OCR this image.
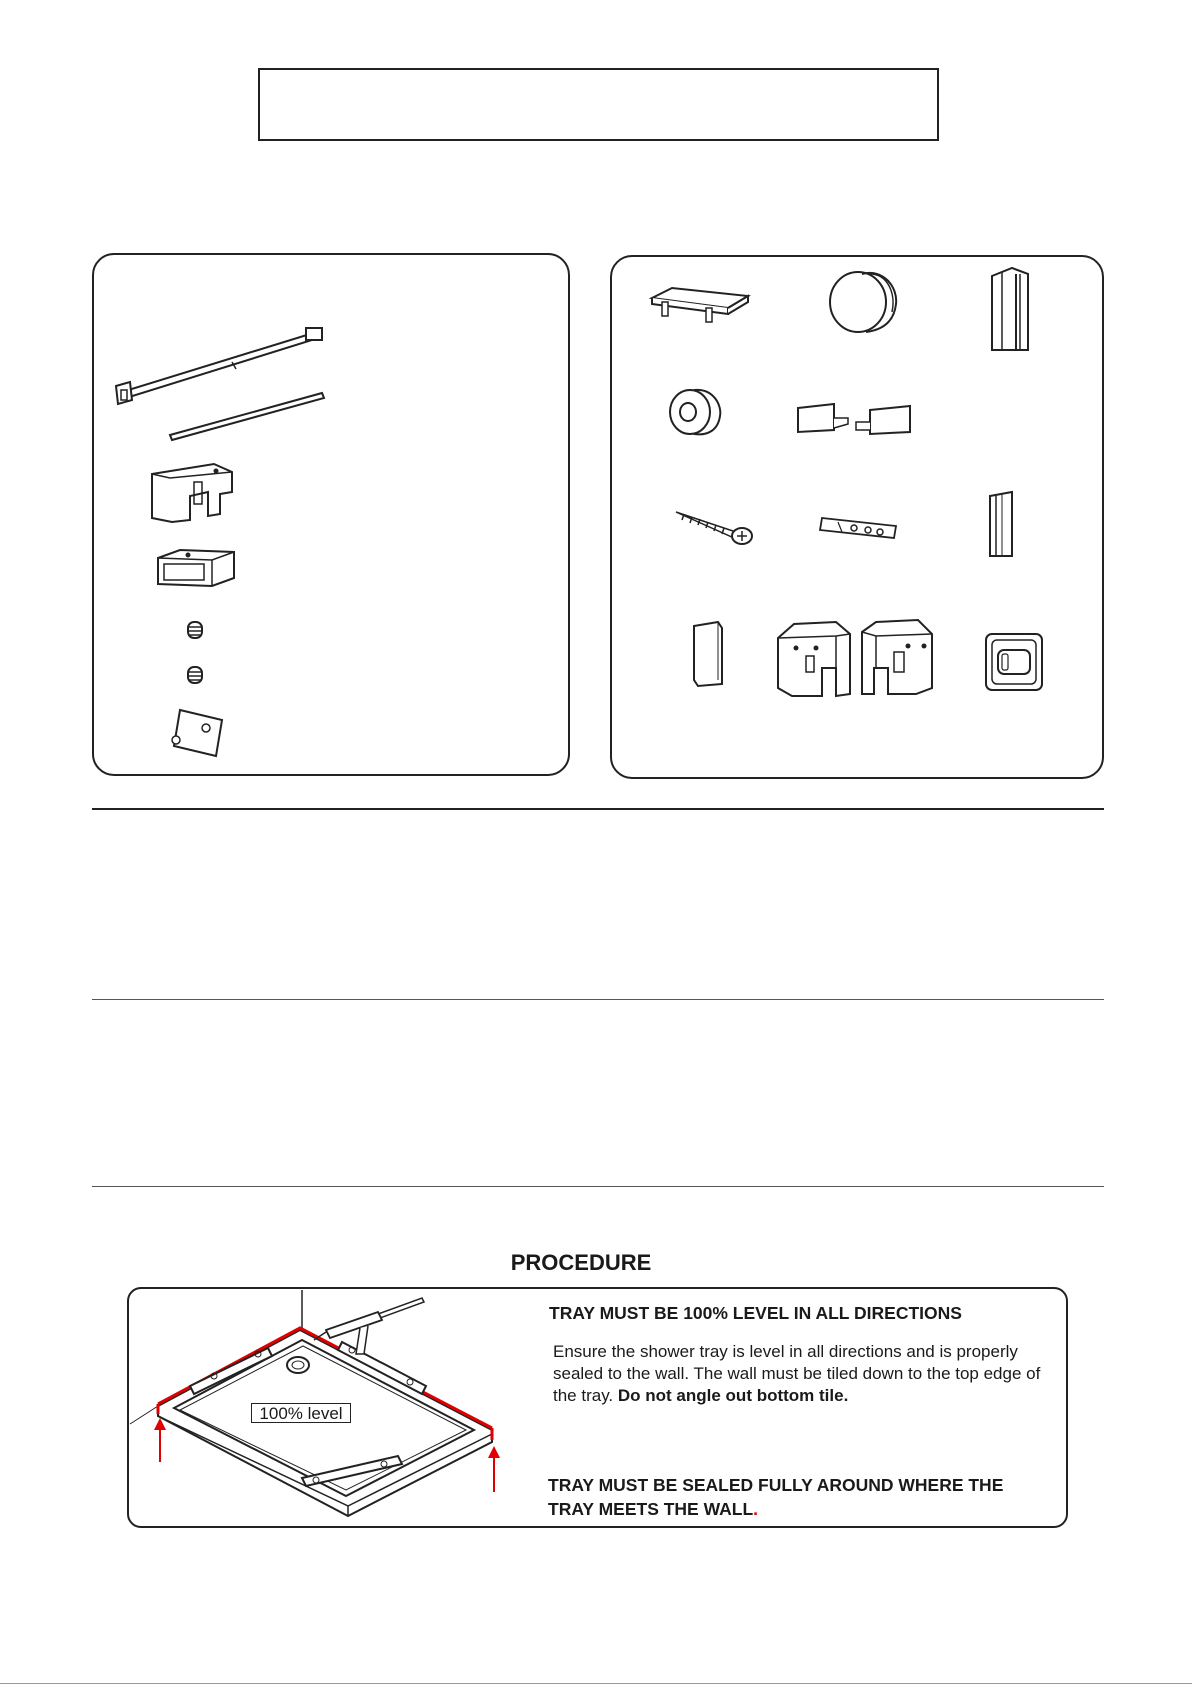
PROCEDURE
100% level
TRAY MUST BE 100% LEVEL IN ALL DIRECTIONS
Ensure the shower tray is level in all directions and is properly sealed to the wall. The wall must be tiled down to the top edge of the tray. Do not angle out bottom tile.
TRAY MUST BE SEALED FULLY AROUND WHERE THE
TRAY MEETS THE WALL.
